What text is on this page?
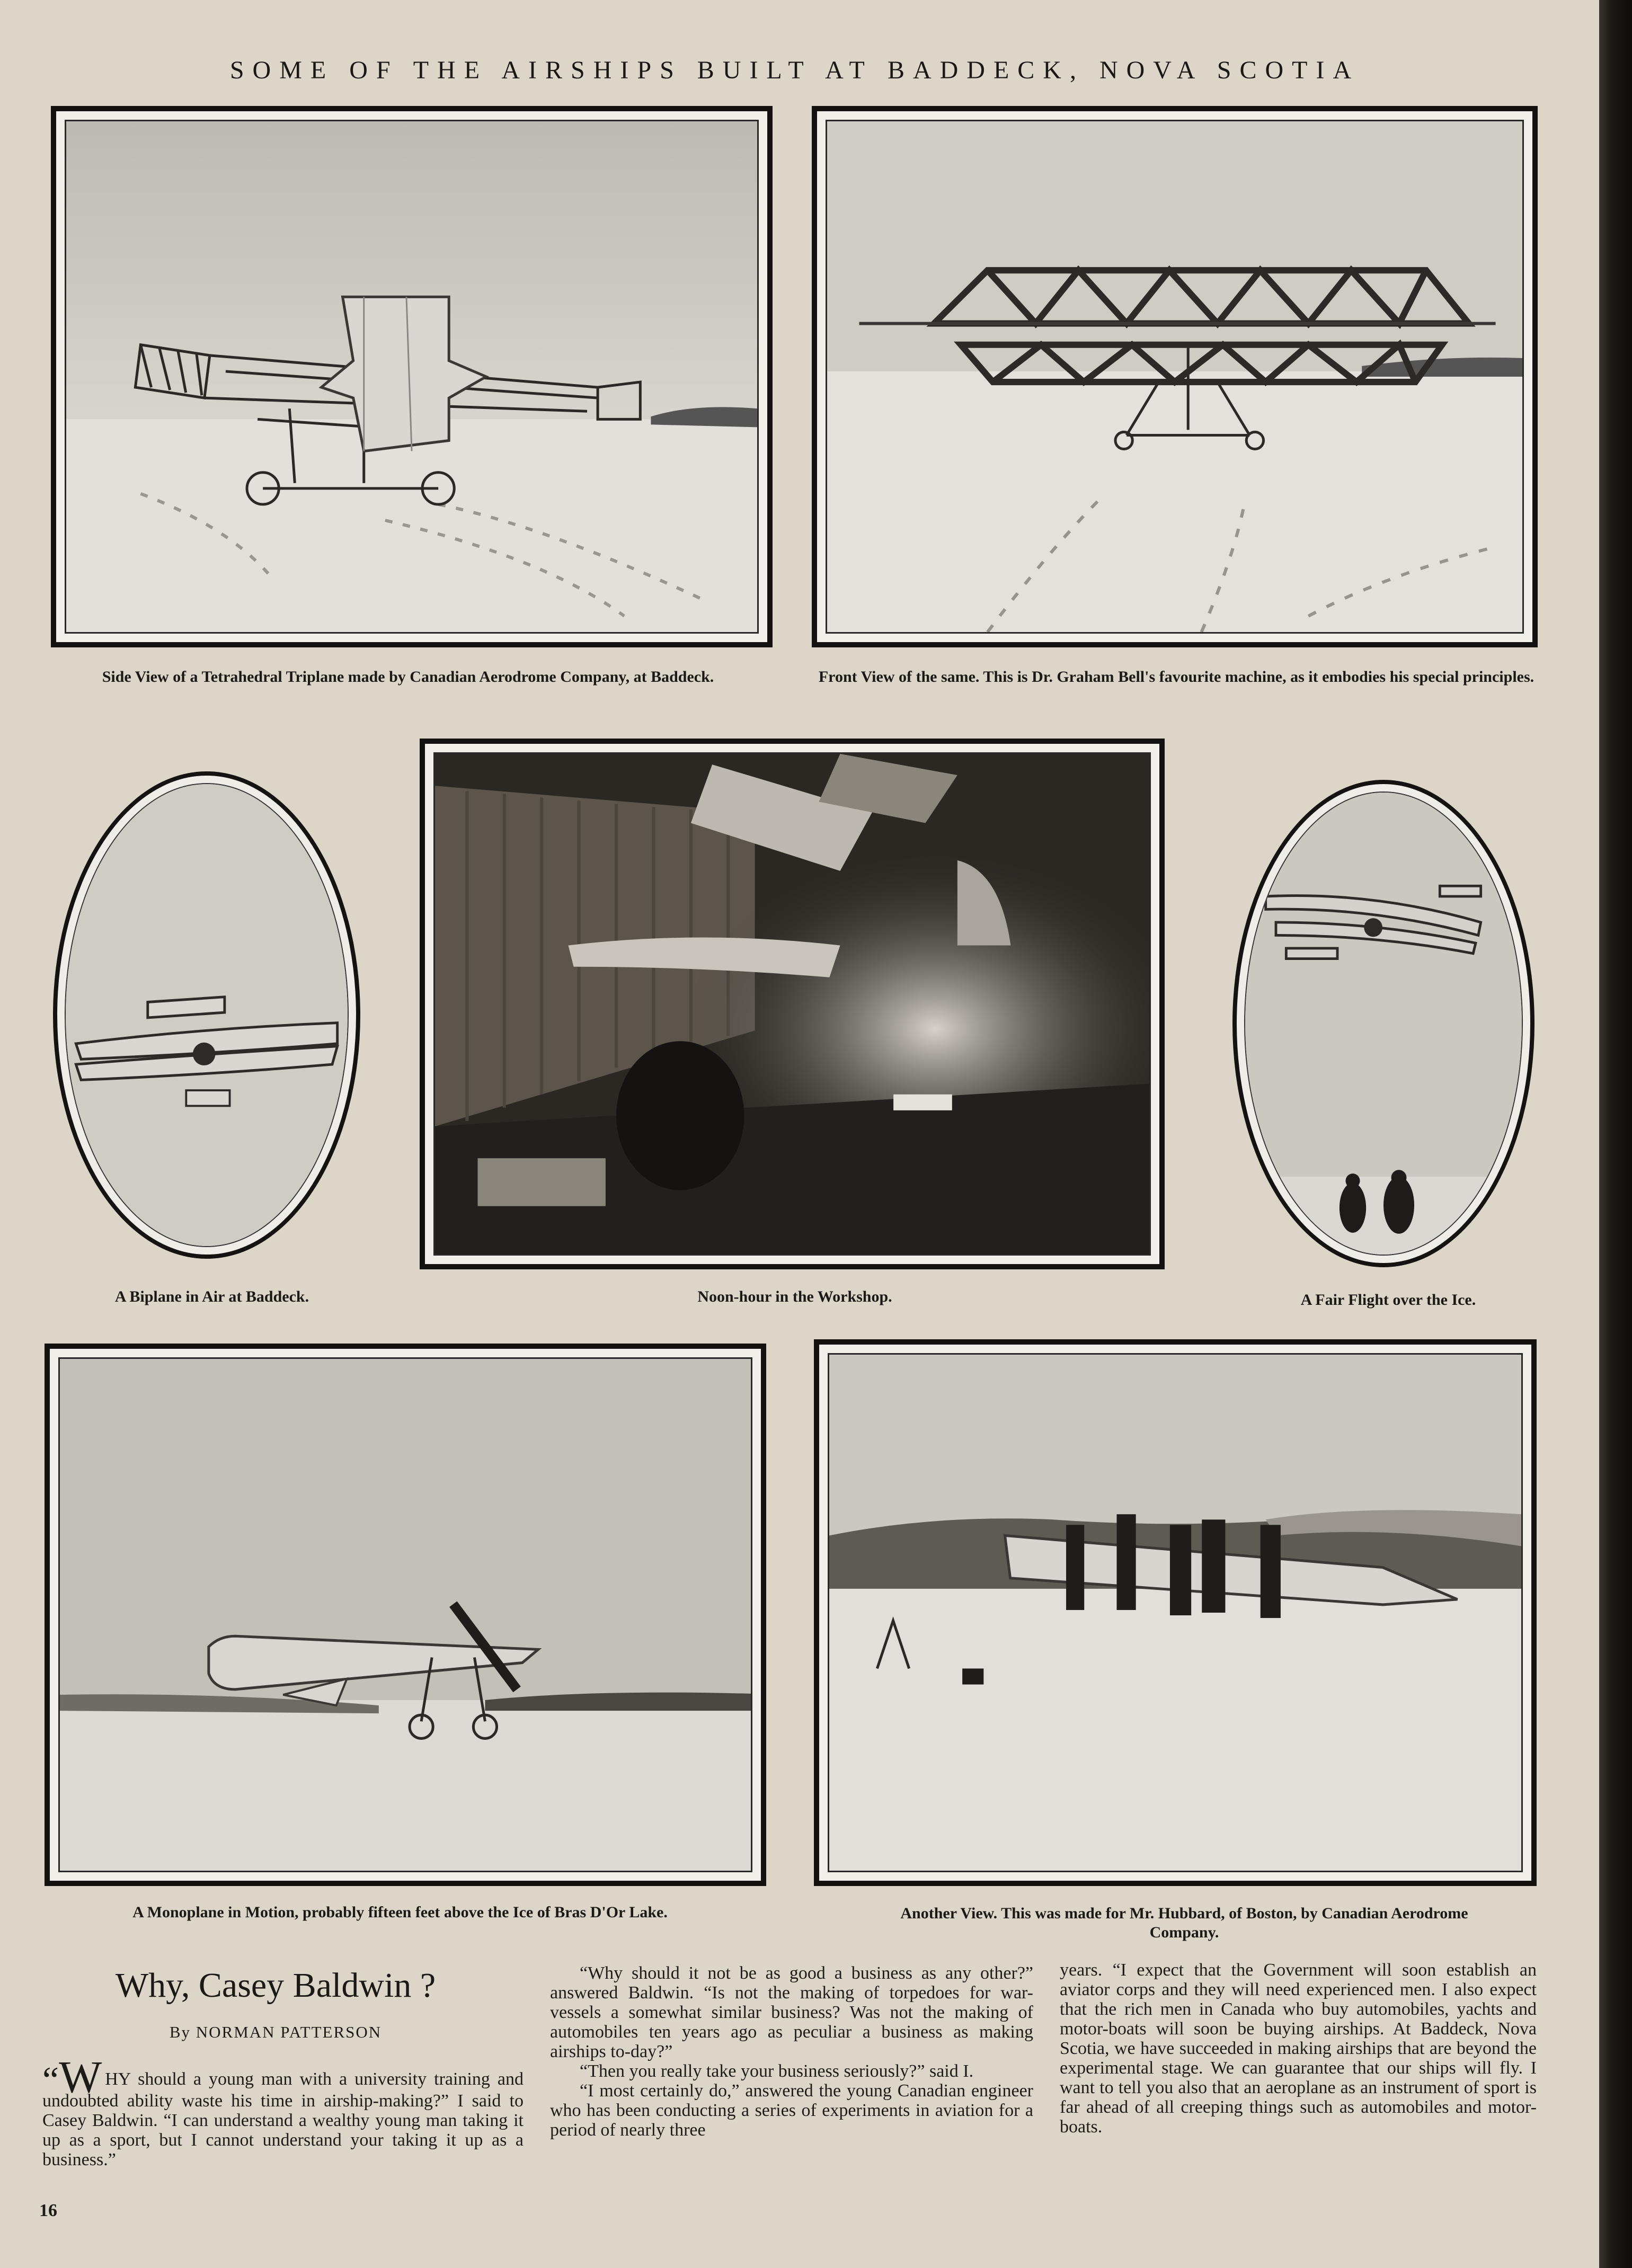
SOME OF THE AIRSHIPS BUILT AT BADDECK, NOVA SCOTIA
Side View of a Tetrahedral Triplane made by Canadian Aerodrome Company, at Baddeck.	Front View of the same. This is Dr. Graham Bell's favourite machine, as it embodies his special principles.
A Biplane in Air at Baddeck.	Noon-hour in the Workshop.	A Fair Flight over the Ice.
A Monoplane in Motion, probably fifteen feet above the Ice of Bras D'Or Lake.	Another View. This was made for Mr. Hubbard, of Boston, by Canadian Aerodrome Company.
Why, Casey Baldwin ?
By NORMAN PATTERSON

“W HY should a young man with a university training and undoubted ability waste his time in airship-making?” I said to Casey Baldwin. “I can understand a wealthy young man taking it up as a sport, but I cannot understand your taking it up as a business.”

“Why should it not be as good a business as any other?” answered Baldwin. “Is not the making of torpedoes for war-vessels a somewhat similar business? Was not the making of automobiles ten years ago as peculiar a business as making airships to-day?”

“Then you really take your business seriously?” said I.

“I most certainly do,” answered the young Canadian engineer who has been conducting a series of experiments in aviation for a period of nearly three

years. “I expect that the Government will soon establish an aviator corps and they will need experienced men. I also expect that the rich men in Canada who buy automobiles, yachts and motor-boats will soon be buying airships. At Baddeck, Nova Scotia, we have succeeded in making airships that are beyond the experimental stage. We can guarantee that our ships will fly. I want to tell you also that an aeroplane as an instrument of sport is far ahead of all creeping things such as automobiles and motor-boats.

16
